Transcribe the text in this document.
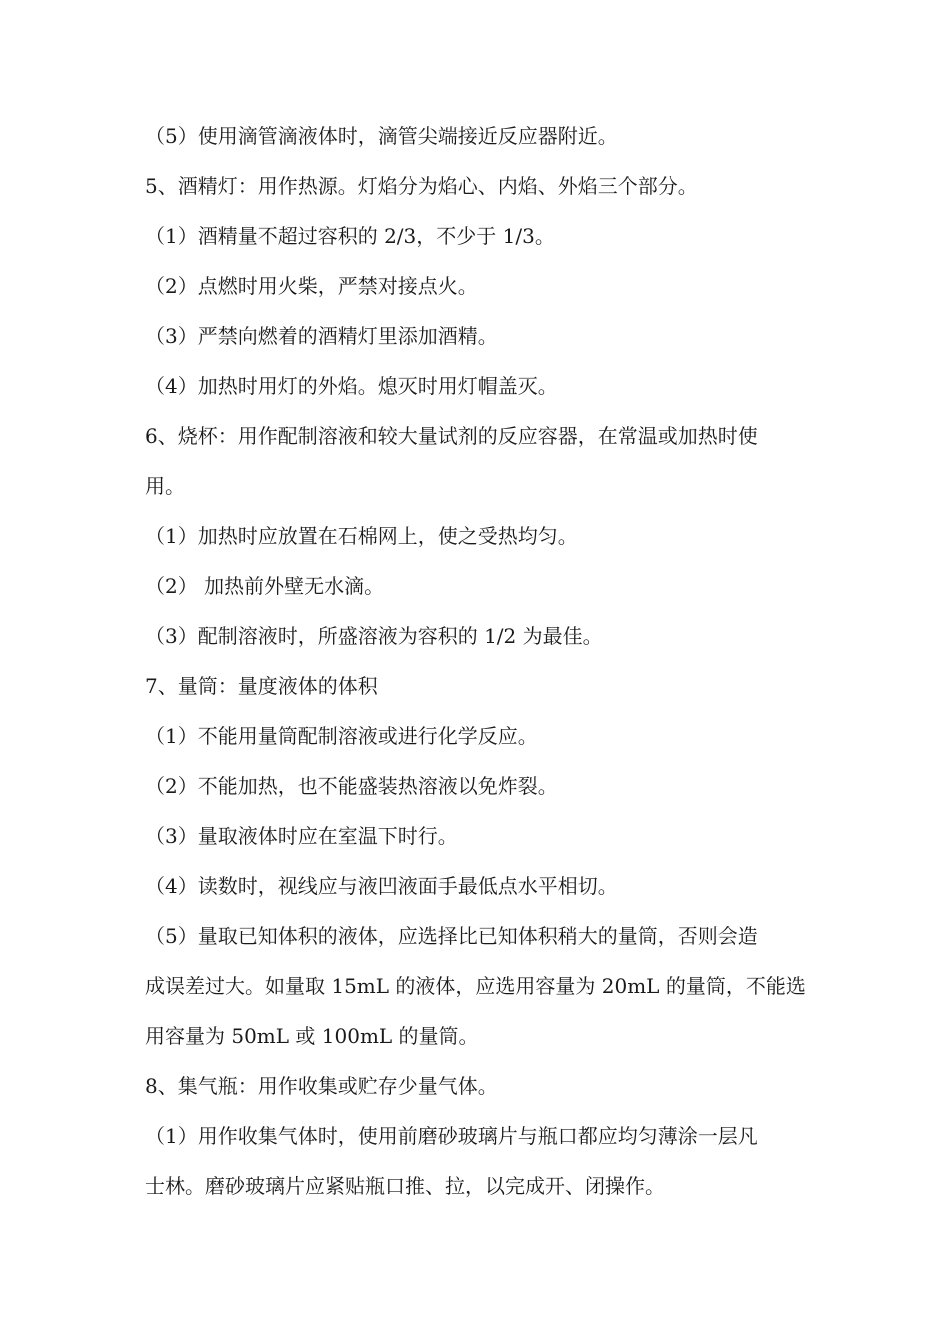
（5）使用滴管滴液体时，滴管尖端接近反应器附近。
5、酒精灯：用作热源。灯焰分为焰心、内焰、外焰三个部分。
（1）酒精量不超过容积的 2/3，不少于 1/3。
（2）点燃时用火柴，严禁对接点火。
（3）严禁向燃着的酒精灯里添加酒精。
（4）加热时用灯的外焰。熄灭时用灯帽盖灭。
6、烧杯：用作配制溶液和较大量试剂的反应容器，在常温或加热时使
用。
（1）加热时应放置在石棉网上，使之受热均匀。
（2） 加热前外壁无水滴。
（3）配制溶液时，所盛溶液为容积的 1/2 为最佳。
7、量筒：量度液体的体积
（1）不能用量筒配制溶液或进行化学反应。
（2）不能加热，也不能盛装热溶液以免炸裂。
（3）量取液体时应在室温下时行。
（4）读数时，视线应与液凹液面手最低点水平相切。
（5）量取已知体积的液体，应选择比已知体积稍大的量筒，否则会造
成误差过大。如量取 15mL 的液体，应选用容量为 20mL 的量筒，不能选
用容量为 50mL 或 100mL 的量筒。
8、集气瓶：用作收集或贮存少量气体。
（1）用作收集气体时，使用前磨砂玻璃片与瓶口都应均匀薄涂一层凡
士林。磨砂玻璃片应紧贴瓶口推、拉，以完成开、闭操作。
